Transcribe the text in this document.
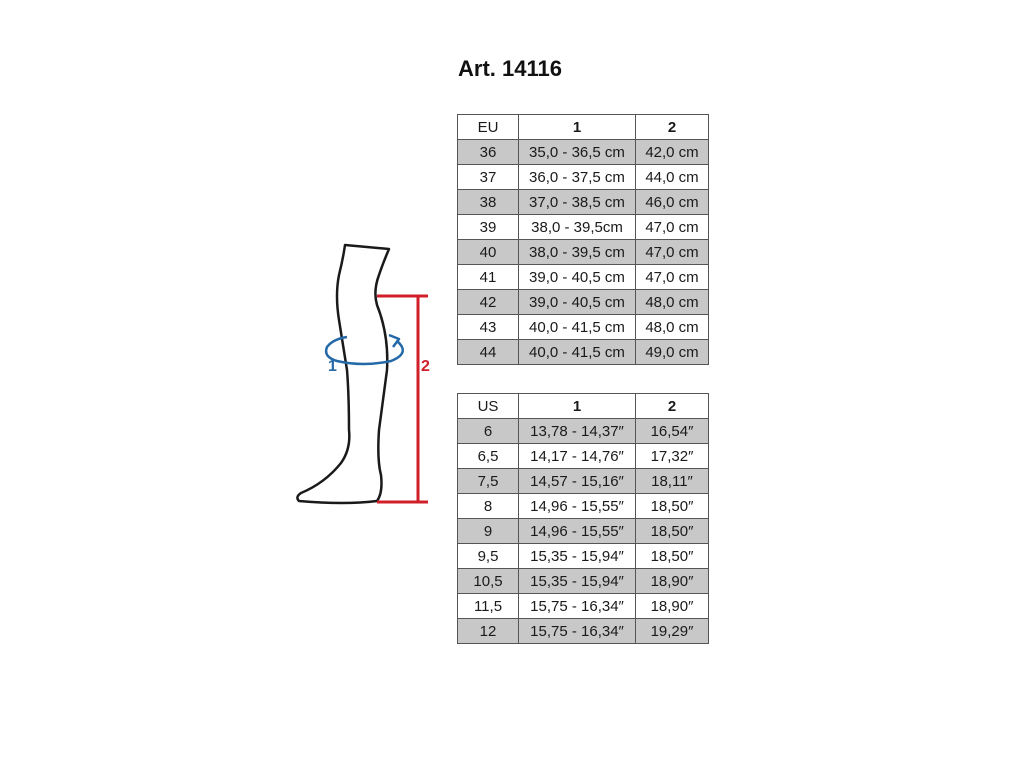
Art. 14116
1	2
EU	1	2
36	35,0 - 36,5 cm	42,0 cm
37	36,0 - 37,5 cm	44,0 cm
38	37,0 - 38,5 cm	46,0 cm
39	38,0 - 39,5cm	47,0 cm
40	38,0 - 39,5 cm	47,0 cm
41	39,0 - 40,5 cm	47,0 cm
42	39,0 - 40,5 cm	48,0 cm
43	40,0 - 41,5 cm	48,0 cm
44	40,0 - 41,5 cm	49,0 cm
US	1	2
6	13,78 - 14,37″	16,54″
6,5	14,17 - 14,76″	17,32″
7,5	14,57 - 15,16″	18,11″
8	14,96 - 15,55″	18,50″
9	14,96 - 15,55″	18,50″
9,5	15,35 - 15,94″	18,50″
10,5	15,35 - 15,94″	18,90″
11,5	15,75 - 16,34″	18,90″
12	15,75 - 16,34″	19,29″
